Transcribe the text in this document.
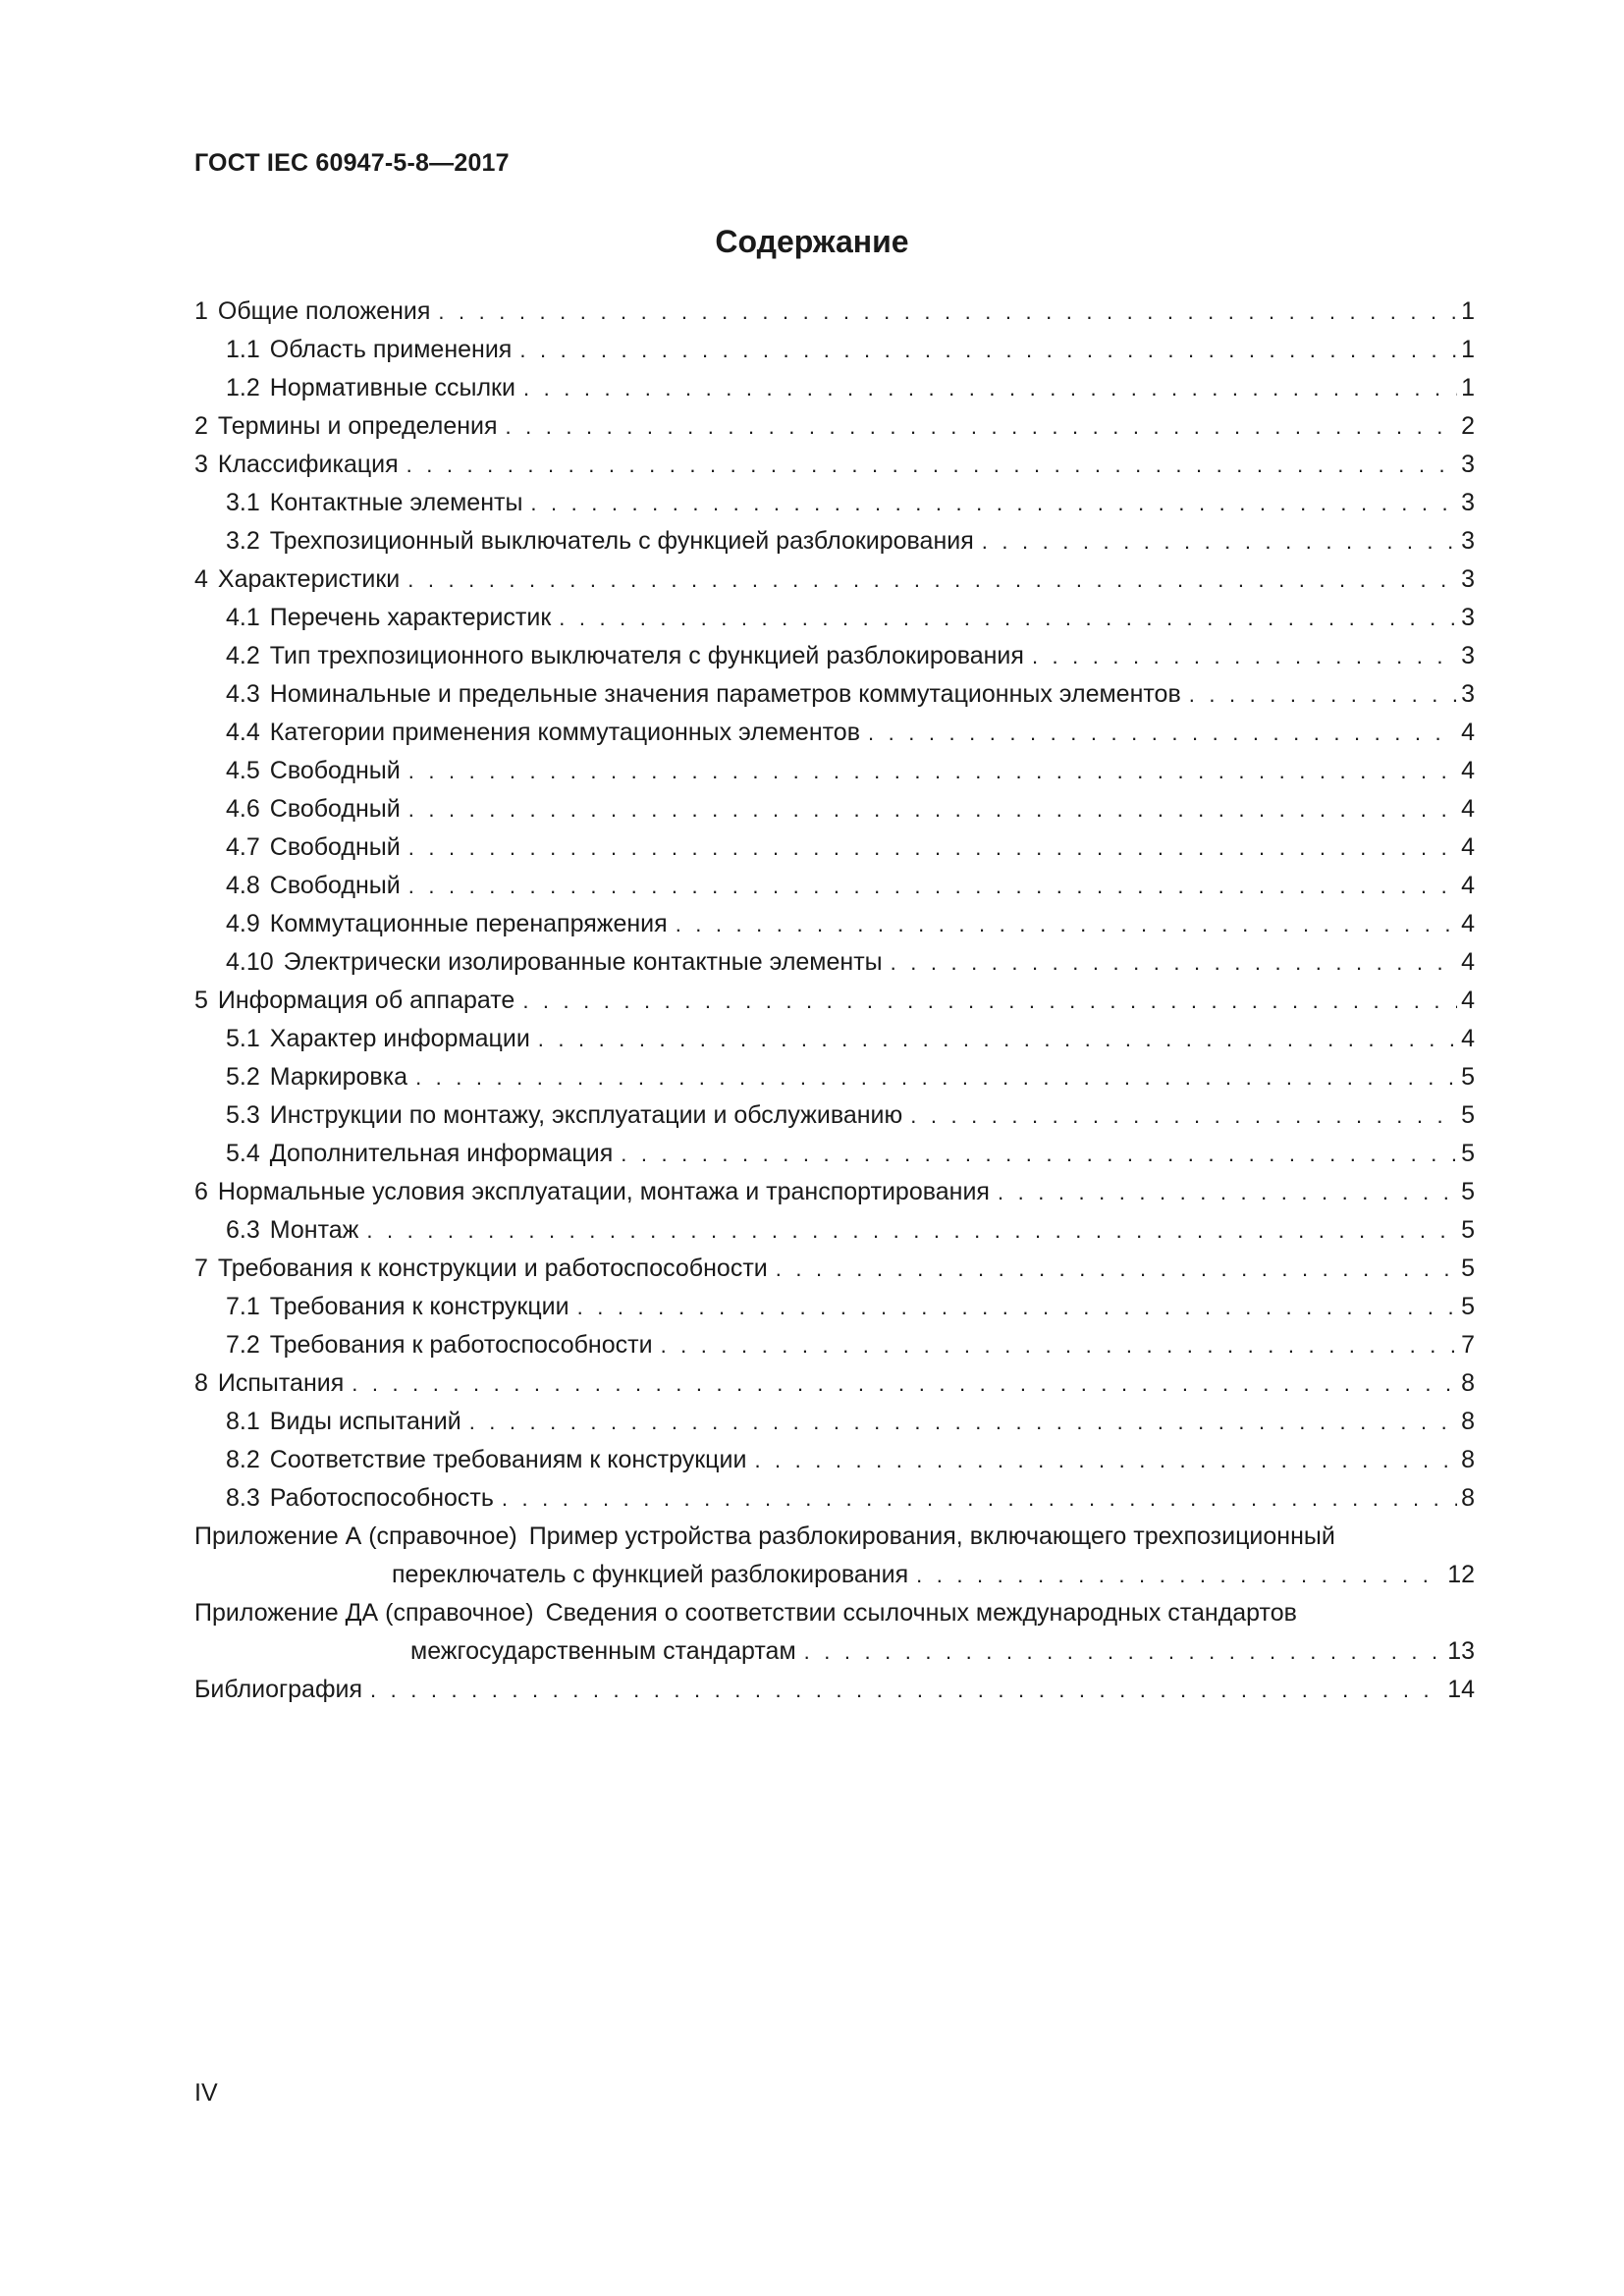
ГОСТ IEC 60947-5-8—2017
Содержание
1 Общие положения . . .	1
1.1 Область применения . . .	1
1.2 Нормативные ссылки . . .	1
2 Термины и определения . . .	2
3 Классификация . . .	3
3.1 Контактные элементы . . .	3
3.2 Трехпозиционный выключатель с функцией разблокирования . . .	3
4 Характеристики . . .	3
4.1 Перечень характеристик . . .	3
4.2 Тип трехпозиционного выключателя с функцией разблокирования . . .	3
4.3 Номинальные и предельные значения параметров коммутационных элементов . . .	3
4.4 Категории применения коммутационных элементов . . .	4
4.5 Свободный . . .	4
4.6 Свободный . . .	4
4.7 Свободный . . .	4
4.8 Свободный . . .	4
4.9 Коммутационные перенапряжения . . .	4
4.10 Электрически изолированные контактные элементы . . .	4
5 Информация об аппарате . . .	4
5.1 Характер информации . . .	4
5.2 Маркировка . . .	5
5.3 Инструкции по монтажу, эксплуатации и обслуживанию . . .	5
5.4 Дополнительная информация . . .	5
6 Нормальные условия эксплуатации, монтажа и транспортирования . . .	5
6.3 Монтаж . . .	5
7 Требования к конструкции и работоспособности . . .	5
7.1 Требования к конструкции . . .	5
7.2 Требования к работоспособности . . .	7
8 Испытания . . .	8
8.1 Виды испытаний . . .	8
8.2 Соответствие требованиям к конструкции . . .	8
8.3 Работоспособность . . .	8
Приложение А (справочное) Пример устройства разблокирования, включающего трехпозиционный
переключатель с функцией разблокирования . . .	12
Приложение ДА (справочное) Сведения о соответствии ссылочных международных стандартов
межгосударственным стандартам . . .	13
Библиография . . .	14
IV
